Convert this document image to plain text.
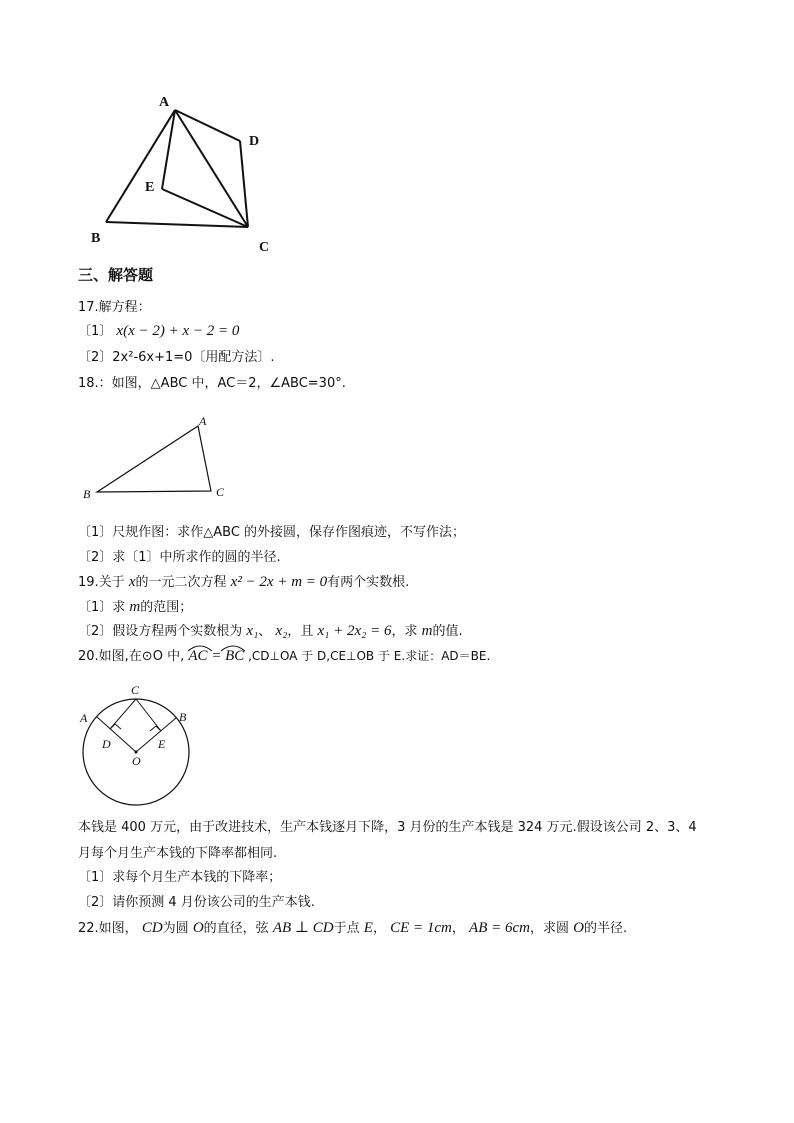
A
B
C
D
E
三、解答题
17.解方程：
〔1〕 x(x − 2) + x − 2 = 0
〔2〕2x²-6x+1=0〔用配方法〕.
18.：如图，△ABC 中，AC＝2，∠ABC=30°.
A
B	C
〔1〕尺规作图：求作△ABC 的外接圆，保存作图痕迹，不写作法；
〔2〕求〔1〕中所求作的圆的半径.
19.关于 x的一元二次方程 x² − 2x + m = 0有两个实数根.
〔1〕求 m的范围；
〔2〕假设方程两个实数根为 x₁、 x₂，且 x₁ + 2x₂ = 6，求 m的值.
20.如图,在⊙O 中, AC = BC ,CD⊥OA 于 D,CE⊥OB 于 E.求证：AD＝BE.
C
A	B
D	E
O
本钱是 400 万元，由于改进技术，生产本钱逐月下降，3 月份的生产本钱是 324 万元.假设该公司 2、3、4
月每个月生产本钱的下降率都相同.
〔1〕求每个月生产本钱的下降率；
〔2〕请你预测 4 月份该公司的生产本钱.
22.如图， CD为圆 O的直径，弦 AB ⊥ CD于点 E， CE = 1cm， AB = 6cm，求圆 O的半径.
